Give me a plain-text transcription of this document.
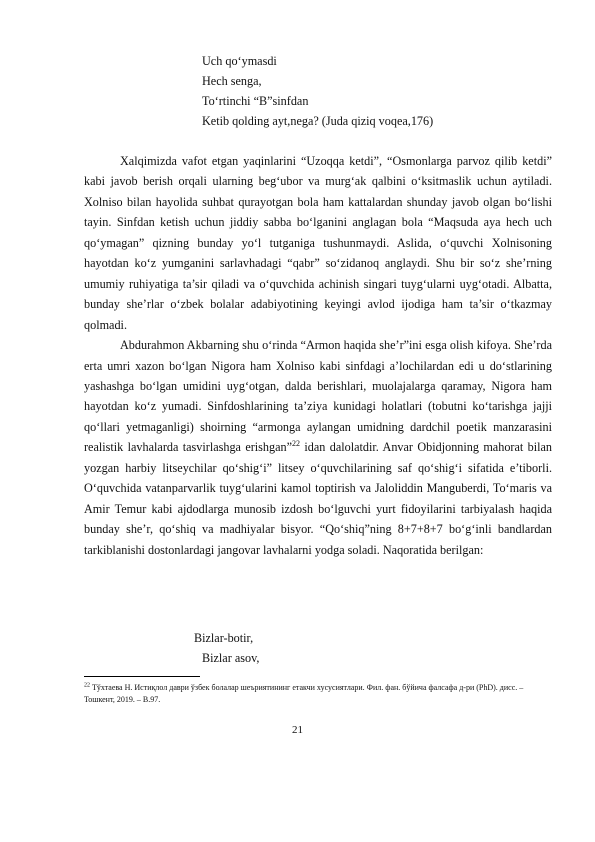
Uch qo‘ymasdi
Hech senga,
To‘rtinchi “B”sinfdan
Ketib qolding ayt,nega? (Juda qiziq voqea,176)

Xalqimizda vafot etgan yaqinlarini “Uzoqqa ketdi”, “Osmonlarga parvoz qilib ketdi” kabi javob berish orqali ularning beg‘ubor va murg‘ak qalbini o‘ksitmaslik uchun aytiladi. Xolniso bilan hayolida suhbat qurayotgan bola ham kattalardan shunday javob olgan bo‘lishi tayin. Sinfdan ketish uchun jiddiy sabba bo‘lganini anglagan bola “Maqsuda aya hech uch qo‘ymagan” qizning bunday yo‘l tutganiga tushunmaydi. Aslida, o‘quvchi Xolnisoning hayotdan ko‘z yumganini sarlavhadagi “qabr” so‘zidanoq anglaydi. Shu bir so‘z she’rning umumiy ruhiyatiga ta’sir qiladi va o‘quvchida achinish singari tuyg‘ularni uyg‘otadi. Albatta, bunday she’rlar o‘zbek bolalar adabiyotining keyingi avlod ijodiga ham ta’sir o‘tkazmay qolmadi.

Abdurahmon Akbarning shu o‘rinda “Armon haqida she’r”ini esga olish kifoya. She’rda erta umri xazon bo‘lgan Nigora ham Xolniso kabi sinfdagi a’lochilardan edi u do‘stlarining yashashga bo‘lgan umidini uyg‘otgan, dalda berishlari, muolajalarga qaramay, Nigora ham hayotdan ko‘z yumadi. Sinfdoshlarining ta’ziya kunidagi holatlari (tobutni ko‘tarishga jajji qo‘llari yetmaganligi) shoirning “armonga aylangan umidning dardchil poetik manzarasini realistik lavhalarda tasvirlashga erishgan”$^{22}$ idan dalolatdir. Anvar Obidjonning mahorat bilan yozgan harbiy litseychilar qo‘shig‘i” litsey o‘quvchilarining saf qo‘shig‘i sifatida e’tiborli. O‘quvchida vatanparvarlik tuyg‘ularini kamol toptirish va Jaloliddin Manguberdi, To‘maris va Amir Temur kabi ajdodlarga munosib izdosh bo‘lguvchi yurt fidoyilarini tarbiyalash haqida bunday she’r, qo‘shiq va madhiyalar bisyor. “Qo‘shiq”ning 8+7+8+7 bo‘g‘inli bandlardan tarkiblanishi dostonlardagi jangovar lavhalarni yodga soladi. Naqoratida berilgan:

Bizlar-botir,
Bizlar asov,
$^{22}$ Тўхтаева Н. Истиқлол даври ўзбек болалар шеъриятининг етакчи хусусиятлари. Фил. фан. бўйича фалсафа д-ри (PhD). дисс. – Тошкент, 2019. – B.97.
21
